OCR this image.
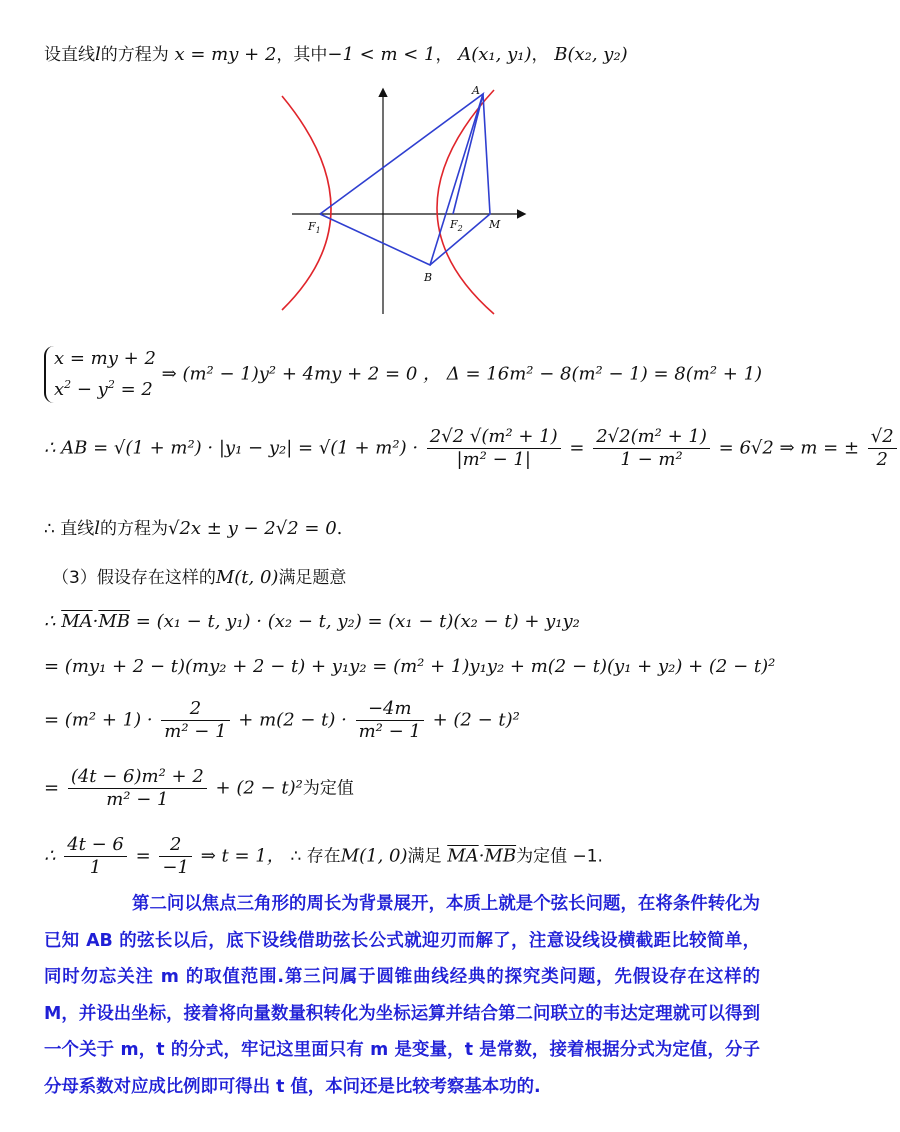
设直线l的方程为 x = my + 2，其中−1 < m < 1， A(x₁, y₁)， B(x₂, y₂)
A
B
$F_1$	$F_2$ M
x = my + 2
$x^2 - y^2 = 2$ ⇒ (m² − 1)y² + 4my + 2 = 0 ， Δ = 16m² − 8(m² − 1) = 8(m² + 1)
∴ AB = $√(1 + m^2) \cdot |y_1 - y_2| = √(1 + m^2) \cdot \frac{\text{2√2 √(m² + 1)}}{\text{|m² − 1|}} = \frac{\text{2√2(m² + 1)}}{\text{1 − m²}} = 6√2$ ⇒ m = ± $\frac{√2}{2}$
∴ 直线l的方程为√2x ± y − 2√2 = 0.
（3）假设存在这样的M(t, 0)满足题意
∴ $\overline{MA}\cdot\overline{MB} = (x_1 - t$, y₁) · (x₂ − t, y₂) = (x₁ − t)(x₂ − t) + y₁y₂
= (my₁ + 2 − t)(my₂ + 2 − t) + y₁y₂ = (m² + 1)y₁y₂ + m(2 − t)(y₁ + y₂) + (2 − t)²
= $(m^2 + 1) \cdot \frac{2}{\text{m² − 1}} + m(2 - t) \cdot \frac{-4m}{\text{m² − 1}} + (2 - t)^2$
= $\frac{\text{(4t − 6)m² + 2}}{\text{m² − 1}} + (2 - t)^2$为定值
∴ $\frac{4t - 6}{1} = \frac{2}{-1}$ ⇒ t = 1， ∴ 存在M(1, 0)满足 $\overline{MA}\cdot\overline{MB}$为定值 −1.
第二问以焦点三角形的周长为背景展开，本质上就是个弦长问题，在将条件转化为已知 AB 的弦长以后，底下设线借助弦长公式就迎刃而解了，注意设线设横截距比较简单，同时勿忘关注 m 的取值范围.第三问属于圆锥曲线经典的探究类问题，先假设存在这样的 M，并设出坐标，接着将向量数量积转化为坐标运算并结合第二问联立的韦达定理就可以得到一个关于 m，t 的分式，牢记这里面只有 m 是变量，t 是常数，接着根据分式为定值，分子分母系数对应成比例即可得出 t 值，本问还是比较考察基本功的.
